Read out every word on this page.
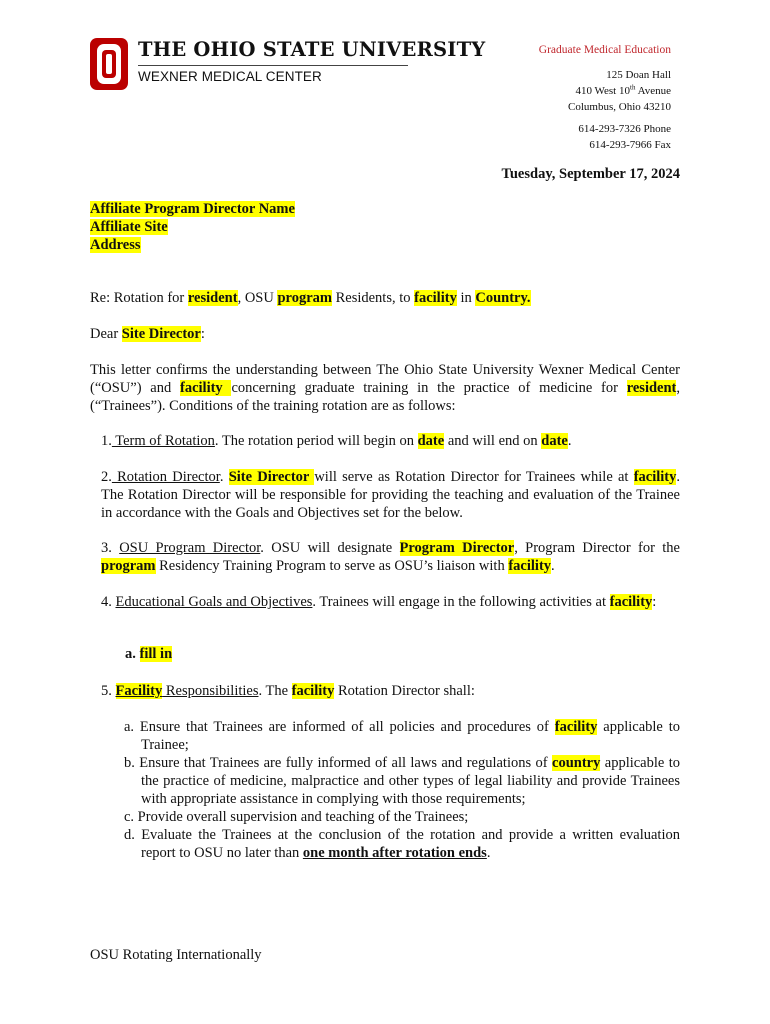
THE OHIO STATE UNIVERSITY
WEXNER MEDICAL CENTER
Graduate Medical Education
125 Doan Hall
410 West 10th Avenue
Columbus, Ohio 43210
614-293-7326 Phone
614-293-7966 Fax
Tuesday, September 17, 2024
Affiliate Program Director Name
Affiliate Site
Address
Re: Rotation for resident, OSU program Residents, to facility in Country.
Dear Site Director:
This letter confirms the understanding between The Ohio State University Wexner Medical Center (“OSU”) and facility concerning graduate training in the practice of medicine for resident, (“Trainees”). Conditions of the training rotation are as follows:
1. Term of Rotation. The rotation period will begin on date and will end on date.
2. Rotation Director. Site Director will serve as Rotation Director for Trainees while at facility. The Rotation Director will be responsible for providing the teaching and evaluation of the Trainee in accordance with the Goals and Objectives set for the below.
3. OSU Program Director. OSU will designate Program Director, Program Director for the program Residency Training Program to serve as OSU’s liaison with facility.
4. Educational Goals and Objectives. Trainees will engage in the following activities at facility:
a. fill in
5. Facility Responsibilities. The facility Rotation Director shall:
a. Ensure that Trainees are informed of all policies and procedures of facility applicable to Trainee;
b. Ensure that Trainees are fully informed of all laws and regulations of country applicable to the practice of medicine, malpractice and other types of legal liability and provide Trainees with appropriate assistance in complying with those requirements;
c. Provide overall supervision and teaching of the Trainees;
d. Evaluate the Trainees at the conclusion of the rotation and provide a written evaluation report to OSU no later than one month after rotation ends.
OSU Rotating Internationally
